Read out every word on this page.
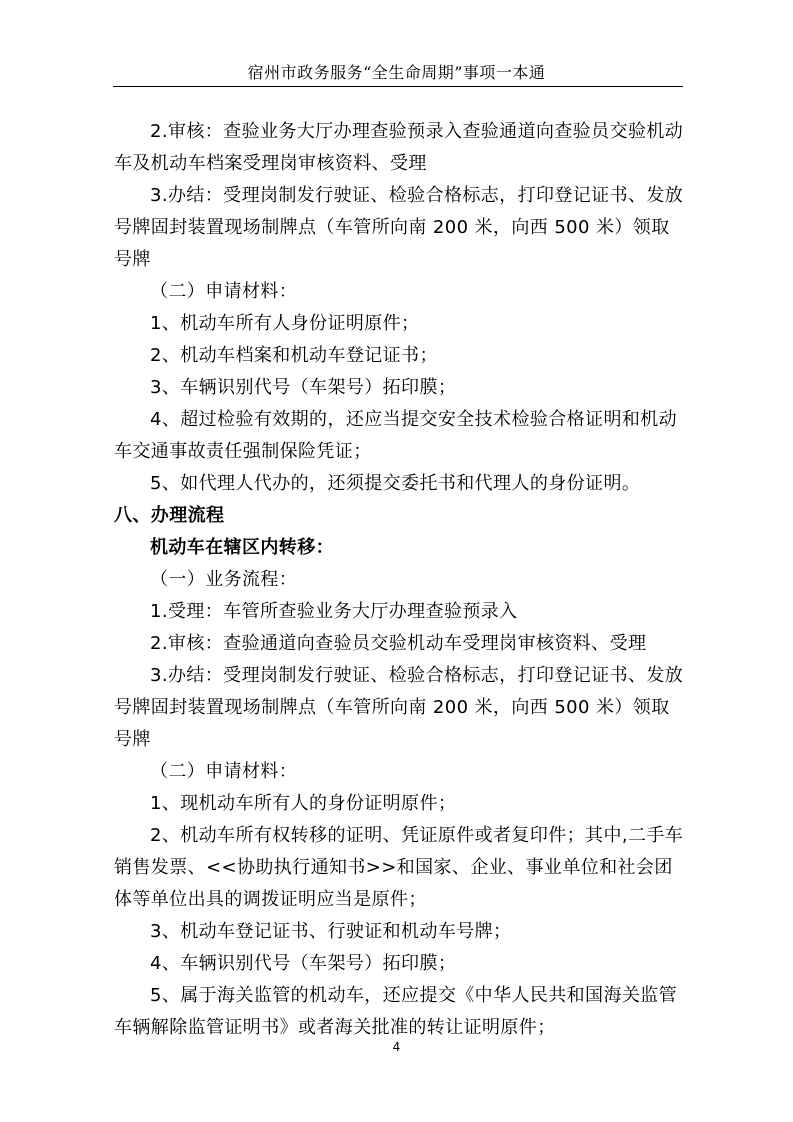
宿州市政务服务“全生命周期”事项一本通

2.审核：查验业务大厅办理查验预录入查验通道向查验员交验机动车及机动车档案受理岗审核资料、受理

3.办结：受理岗制发行驶证、检验合格标志，打印登记证书、发放号牌固封装置现场制牌点（车管所向南 200 米，向西 500 米）领取号牌

（二）申请材料：

1、机动车所有人身份证明原件；

2、机动车档案和机动车登记证书；

3、车辆识别代号（车架号）拓印膜；

4、超过检验有效期的，还应当提交安全技术检验合格证明和机动车交通事故责任强制保险凭证；

5、如代理人代办的，还须提交委托书和代理人的身份证明。

八、办理流程

机动车在辖区内转移：

（一）业务流程：

1.受理：车管所查验业务大厅办理查验预录入

2.审核：查验通道向查验员交验机动车受理岗审核资料、受理

3.办结：受理岗制发行驶证、检验合格标志，打印登记证书、发放号牌固封装置现场制牌点（车管所向南 200 米，向西 500 米）领取号牌

（二）申请材料：

1、现机动车所有人的身份证明原件；

2、机动车所有权转移的证明、凭证原件或者复印件；其中,二手车销售发票、<<协助执行通知书>>和国家、企业、事业单位和社会团体等单位出具的调拨证明应当是原件；

3、机动车登记证书、行驶证和机动车号牌；

4、车辆识别代号（车架号）拓印膜；

5、属于海关监管的机动车，还应提交《中华人民共和国海关监管车辆解除监管证明书》或者海关批准的转让证明原件；

4
